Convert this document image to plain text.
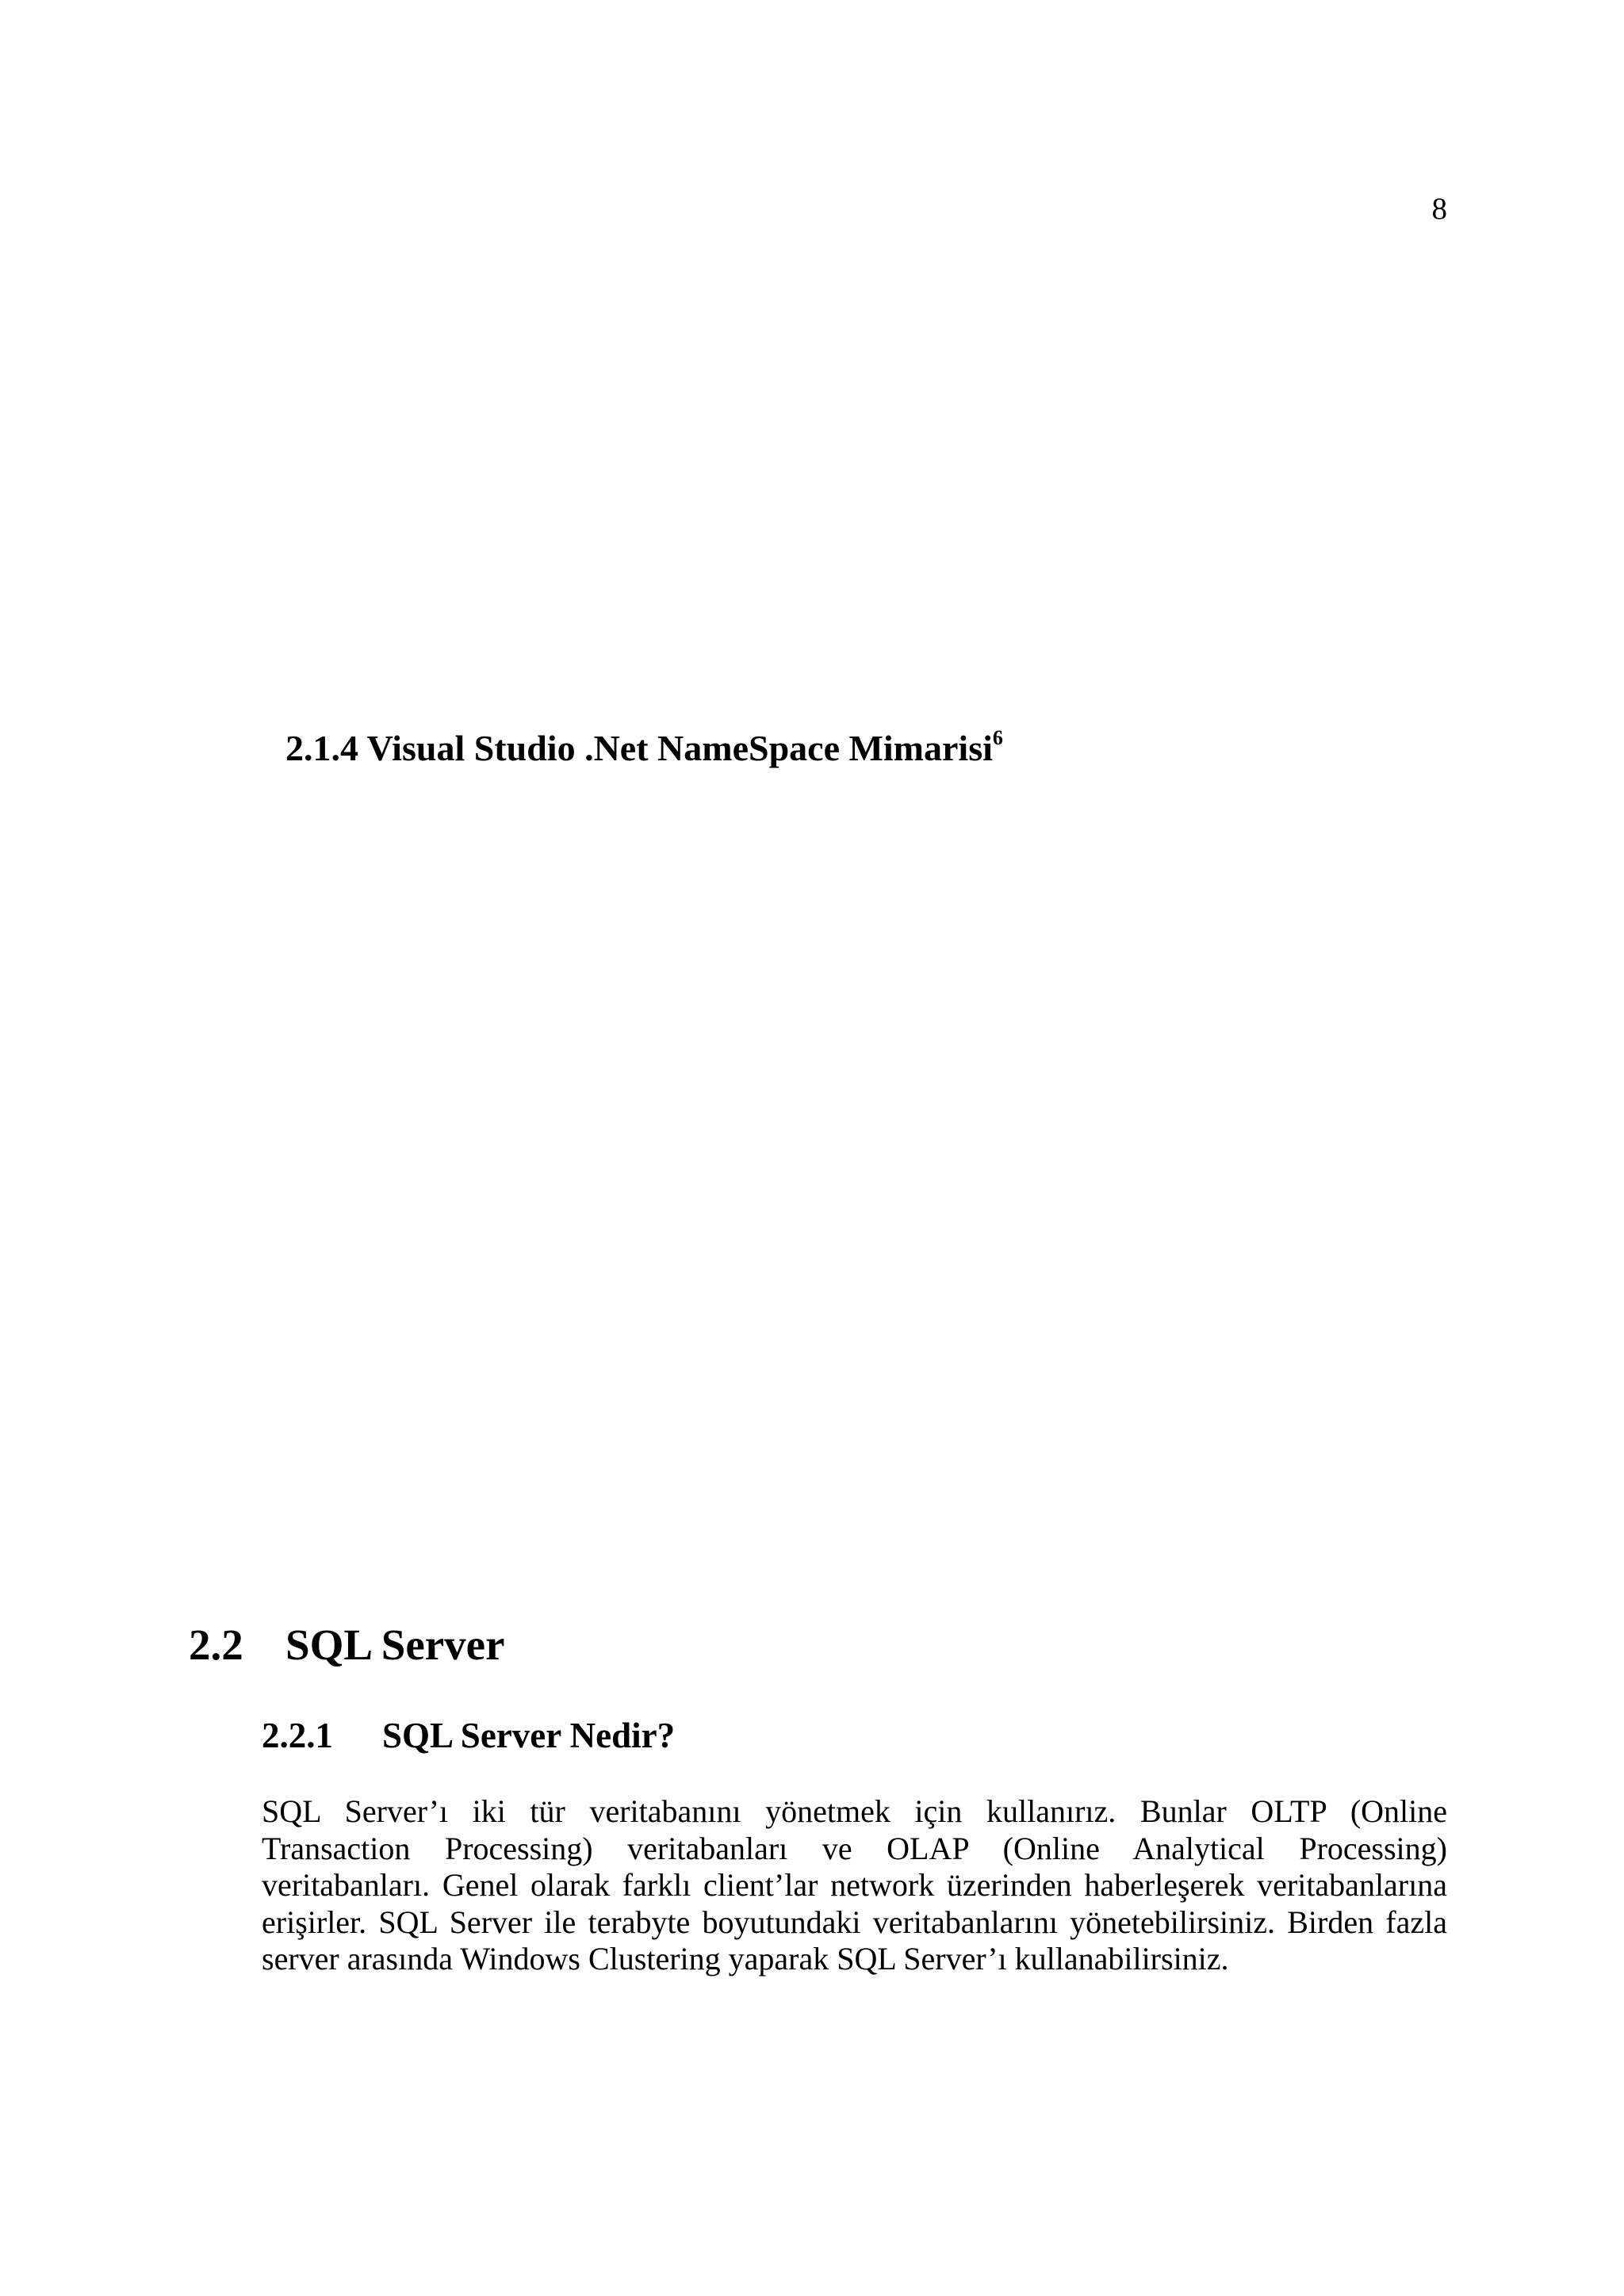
8
2.1.4 Visual Studio .Net NameSpace Mimarisi$^6$
2.2 SQL Server
2.2.1 SQL Server Nedir?
SQL Server’ı iki tür veritabanını yönetmek için kullanırız. Bunlar OLTP (Online
Transaction Processing) veritabanları ve OLAP (Online Analytical Processing)
veritabanları. Genel olarak farklı client’lar network üzerinden haberleşerek veritabanlarına
erişirler. SQL Server ile terabyte boyutundaki veritabanlarını yönetebilirsiniz. Birden fazla
server arasında Windows Clustering yaparak SQL Server’ı kullanabilirsiniz.
